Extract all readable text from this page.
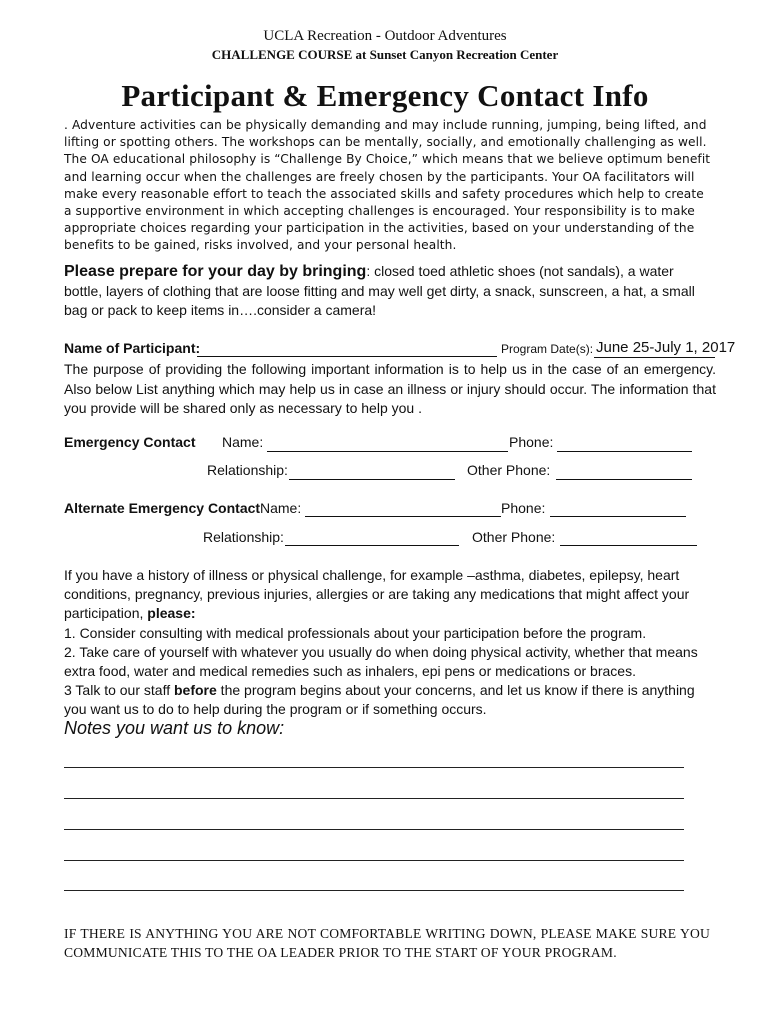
UCLA Recreation - Outdoor Adventures
CHALLENGE COURSE at Sunset Canyon Recreation Center
Participant & Emergency Contact Info
. Adventure activities can be physically demanding and may include running, jumping, being lifted, and lifting or spotting others. The workshops can be mentally, socially, and emotionally challenging as well. The OA educational philosophy is “Challenge By Choice,” which means that we believe optimum benefit and learning occur when the challenges are freely chosen by the participants. Your OA facilitators will make every reasonable effort to teach the associated skills and safety procedures which help to create a supportive environment in which accepting challenges is encouraged. Your responsibility is to make appropriate choices regarding your participation in the activities, based on your understanding of the benefits to be gained, risks involved, and your personal health.
Please prepare for your day by bringing: closed toed athletic shoes (not sandals), a water bottle, layers of clothing that are loose fitting and may well get dirty, a snack, sunscreen, a hat, a small bag or pack to keep items in….consider a camera!
Name of Participant:	Program Date(s): June 25-July 1, 2017
The purpose of providing the following important information is to help us in the case of an emergency. Also below List anything which may help us in case an illness or injury should occur. The information that you provide will be shared only as necessary to help you .
Emergency Contact Name:	Phone:
Relationship:	Other Phone:
Alternate Emergency Contact Name:	Phone:
Relationship:	Other Phone:
If you have a history of illness or physical challenge, for example –asthma, diabetes, epilepsy, heart conditions, pregnancy, previous injuries, allergies or are taking any medications that might affect your participation, please:
1. Consider consulting with medical professionals about your participation before the program.
2. Take care of yourself with whatever you usually do when doing physical activity, whether that means extra food, water and medical remedies such as inhalers, epi pens or medications or braces.
3 Talk to our staff before the program begins about your concerns, and let us know if there is anything you want us to do to help during the program or if something occurs.
Notes you want us to know:
IF THERE IS ANYTHING YOU ARE NOT COMFORTABLE WRITING DOWN, PLEASE MAKE SURE YOU COMMUNICATE THIS TO THE OA LEADER PRIOR TO THE START OF YOUR PROGRAM.
